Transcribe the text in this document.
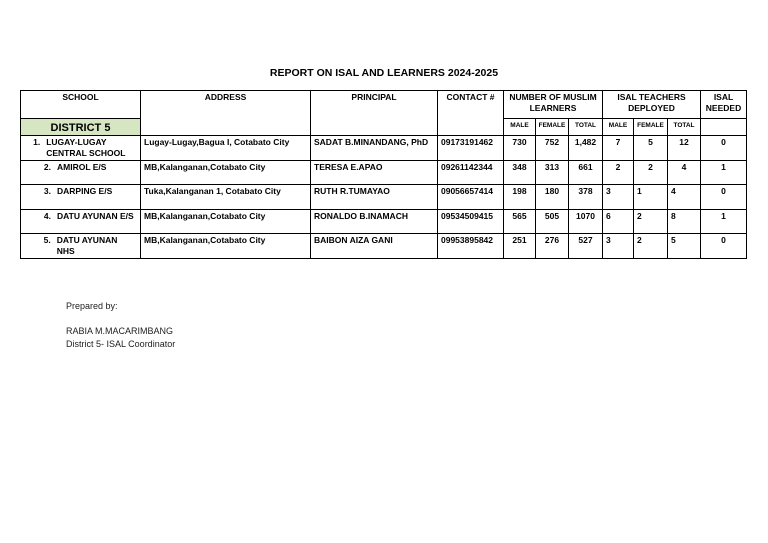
REPORT ON ISAL AND LEARNERS 2024-2025
SCHOOL	ADDRESS	PRINCIPAL	CONTACT #	NUMBER OF MUSLIM LEARNERS			ISAL TEACHERS DEPLOYED			ISAL NEEDED
DISTRICT 5				MALE	FEMALE	TOTAL	MALE	FEMALE	TOTAL	

1. LUGAY-LUGAY CENTRAL SCHOOL	Lugay-Lugay,Bagua I, Cotabato City	SADAT B.MINANDANG, PhD	09173191462	730	752	1,482	7	5	12	0

2. AMIROL E/S	MB,Kalanganan,Cotabato City	TERESA E.APAO	09261142344	348	313	661	2	2	4	1

3. DARPING E/S	Tuka,Kalanganan 1, Cotabato City	RUTH R.TUMAYAO	09056657414	198	180	378	3	1	4	0

4. DATU AYUNAN E/S	MB,Kalanganan,Cotabato City	RONALDO B.INAMACH	09534509415	565	505	1070	6	2	8	1

5. DATU AYUNAN NHS	MB,Kalanganan,Cotabato City	BAIBON AIZA GANI	09953895842	251	276	527	3	2	5	0
Prepared by:
RABIA M.MACARIMBANG
District 5- ISAL Coordinator
